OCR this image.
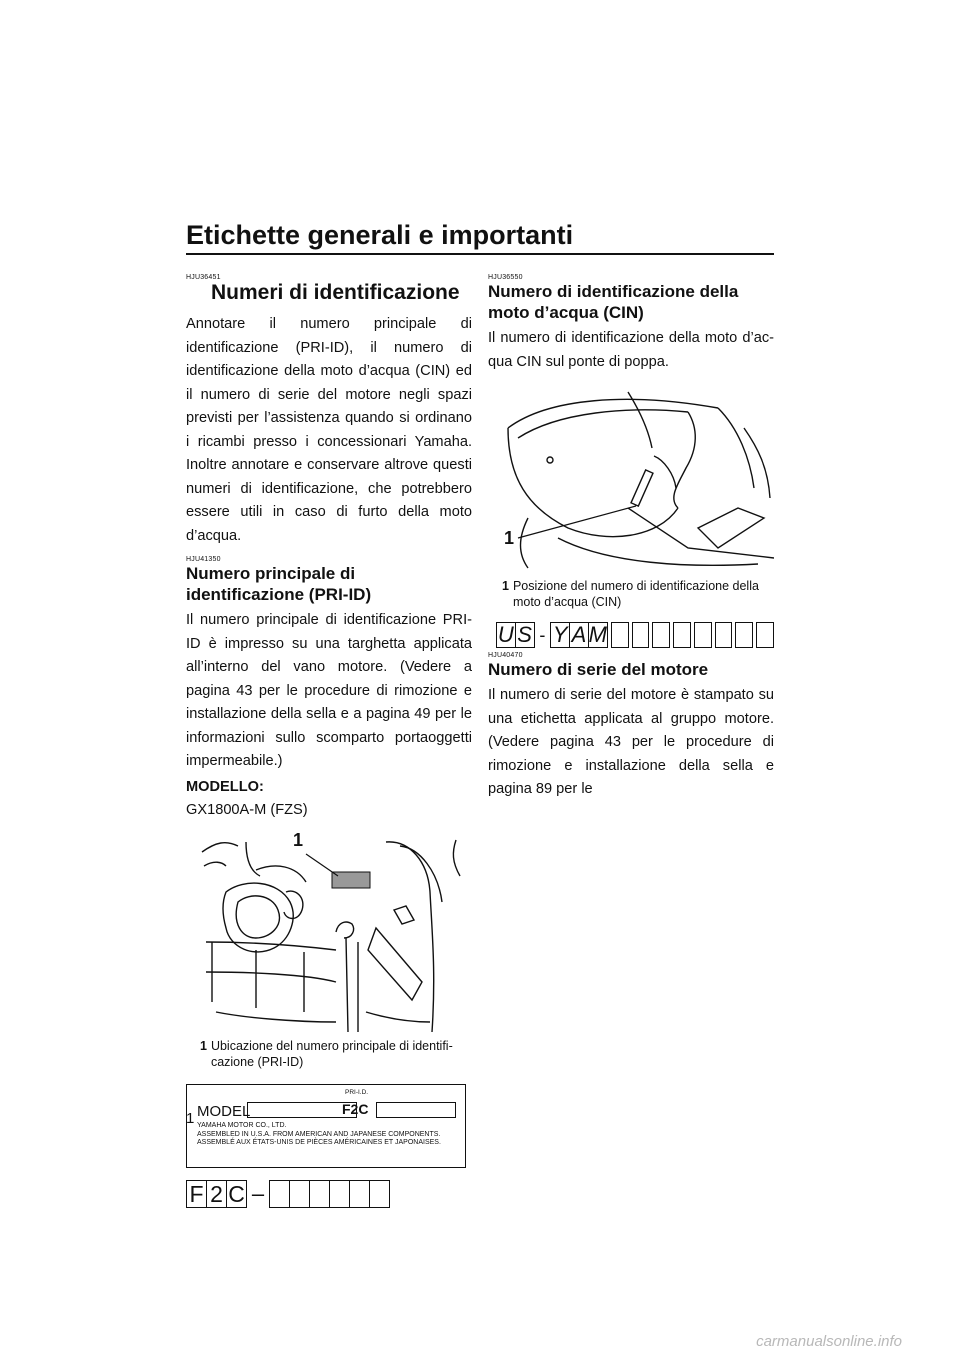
Etichette generali e importanti

HJU36451

Numeri di identificazione

Annotare il numero principale di identificazione (PRI-ID), il numero di identificazione della moto d’acqua (CIN) ed il numero di serie del motore negli spazi previsti per l’assistenza quando si ordinano i ricambi presso i concessionari Yamaha. Inoltre annotare e conservare altrove questi numeri di identificazione, che potrebbero essere utili in caso di furto della moto d’acqua.

HJU41350

Numero principale di identificazione (PRI-ID)

Il numero principale di identificazione PRI-ID è impresso su una targhetta applicata all’interno del vano motore. (Vedere a pagina 43 per le procedure di rimozione e installazione della sella e a pagina 49 per le informazioni sullo scomparto portaoggetti impermeabile.)

MODELLO:

GX1800A-M (FZS)

1
1 Ubicazione del numero principale di identificazione (PRI-ID)
PRI-I.D.
MODEL	F2C
YAMAHA MOTOR CO., LTD.
ASSEMBLED IN U.S.A. FROM AMERICAN AND JAPANESE COMPONENTS.
ASSEMBLÉ AUX ÉTATS-UNIS DE PIÈCES AMÉRICAINES ET JAPONAISES.
F 2 C –

HJU36550

Numero di identificazione della moto d’acqua (CIN)

Il numero di identificazione della moto d’acqua CIN sul ponte di poppa.

1
1 Posizione del numero di identificazione della moto d’acqua (CIN)
U S - Y A M

HJU40470

Numero di serie del motore

Il numero di serie del motore è stampato su una etichetta applicata al gruppo motore. (Vedere pagina 43 per le procedure di rimozione e installazione della sella e pagina 89 per le

1
carmanualsonline.info
